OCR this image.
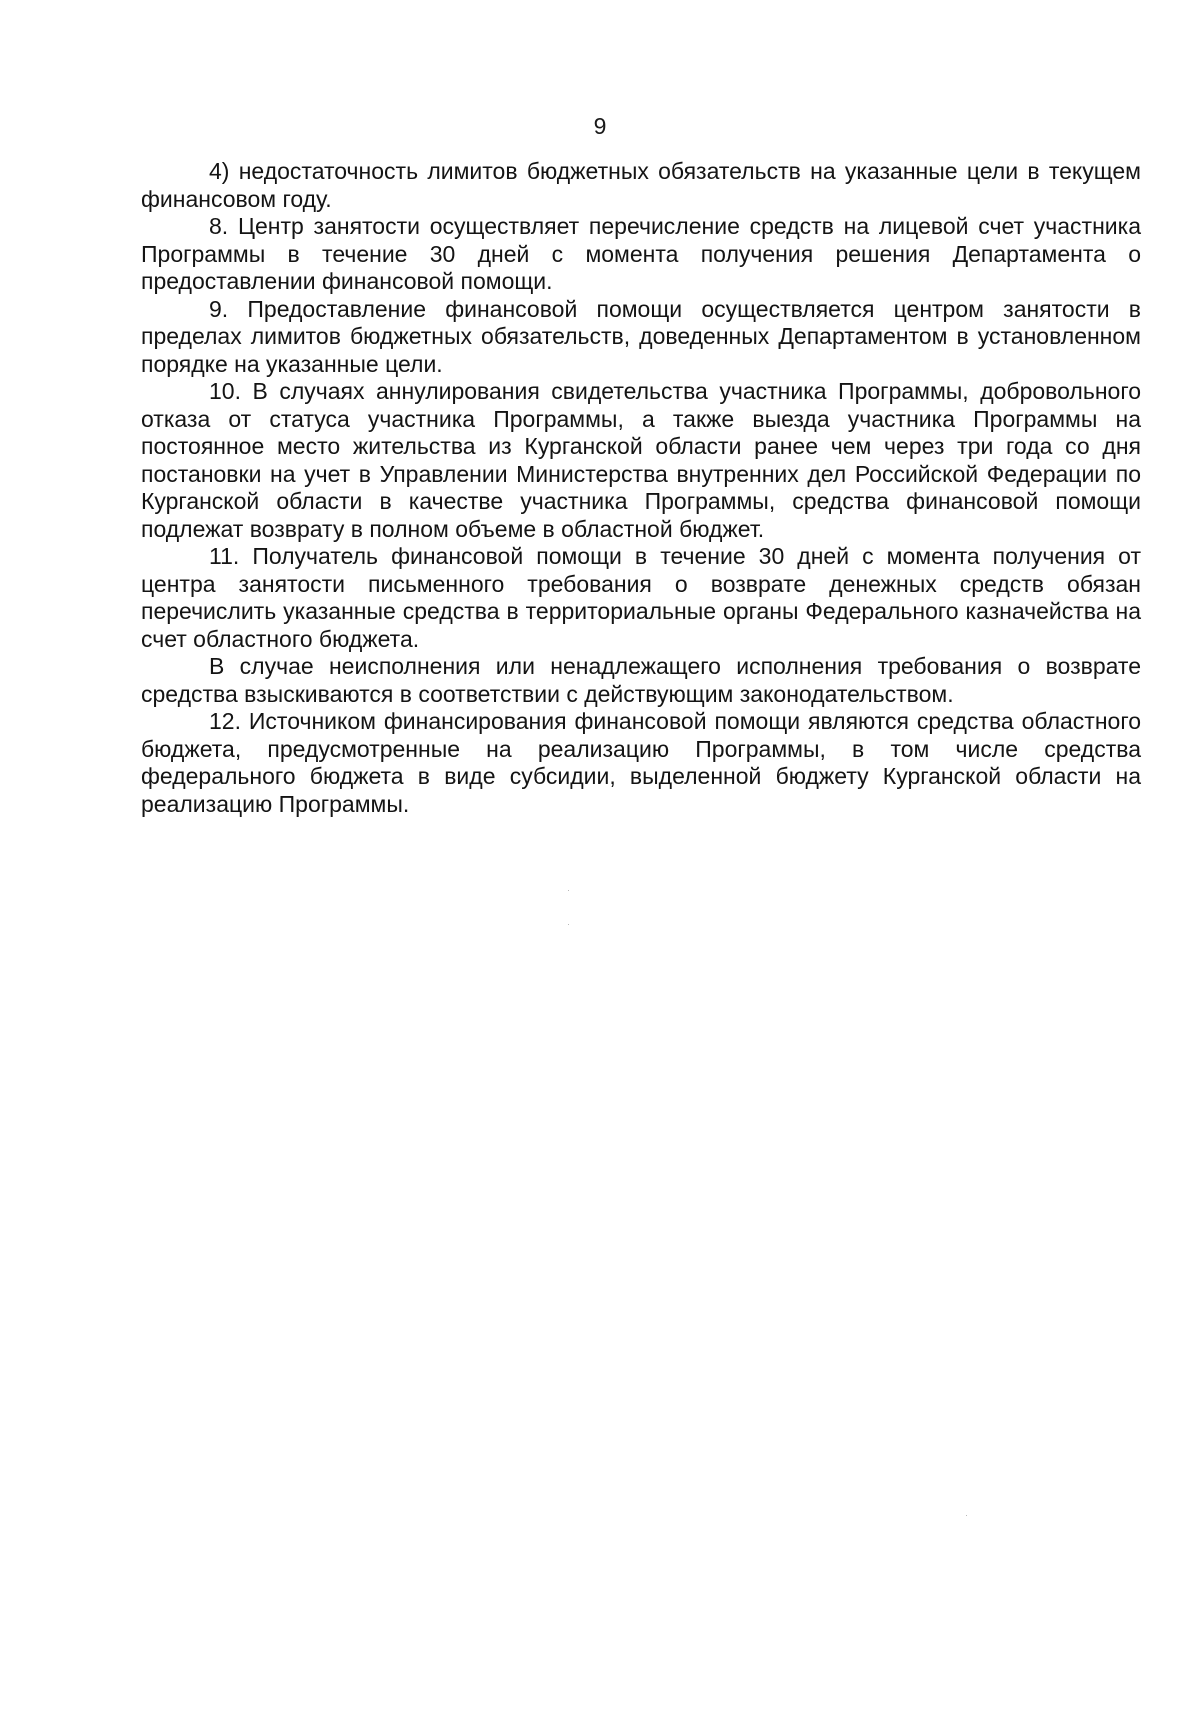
9

4) недостаточность лимитов бюджетных обязательств на указанные цели в текущем финансовом году.

8. Центр занятости осуществляет перечисление средств на лицевой счет участника Программы в течение 30 дней с момента получения решения Департамента о предоставлении финансовой помощи.

9. Предоставление финансовой помощи осуществляется центром занятости в пределах лимитов бюджетных обязательств, доведенных Департаментом в установленном порядке на указанные цели.

10. В случаях аннулирования свидетельства участника Программы, добровольного отказа от статуса участника Программы, а также выезда участника Программы на постоянное место жительства из Курганской области ранее чем через три года со дня постановки на учет в Управлении Министерства внутренних дел Российской Федерации по Курганской области в качестве участника Программы, средства финансовой помощи подлежат возврату в полном объеме в областной бюджет.

11. Получатель финансовой помощи в течение 30 дней с момента получения от центра занятости письменного требования о возврате денежных средств обязан перечислить указанные средства в территориальные органы Федерального казначейства на счет областного бюджета.

В случае неисполнения или ненадлежащего исполнения требования о возврате средства взыскиваются в соответствии с действующим законодательством.

12. Источником финансирования финансовой помощи являются средства областного бюджета, предусмотренные на реализацию Программы, в том числе средства федерального бюджета в виде субсидии, выделенной бюджету Курганской области на реализацию Программы.
